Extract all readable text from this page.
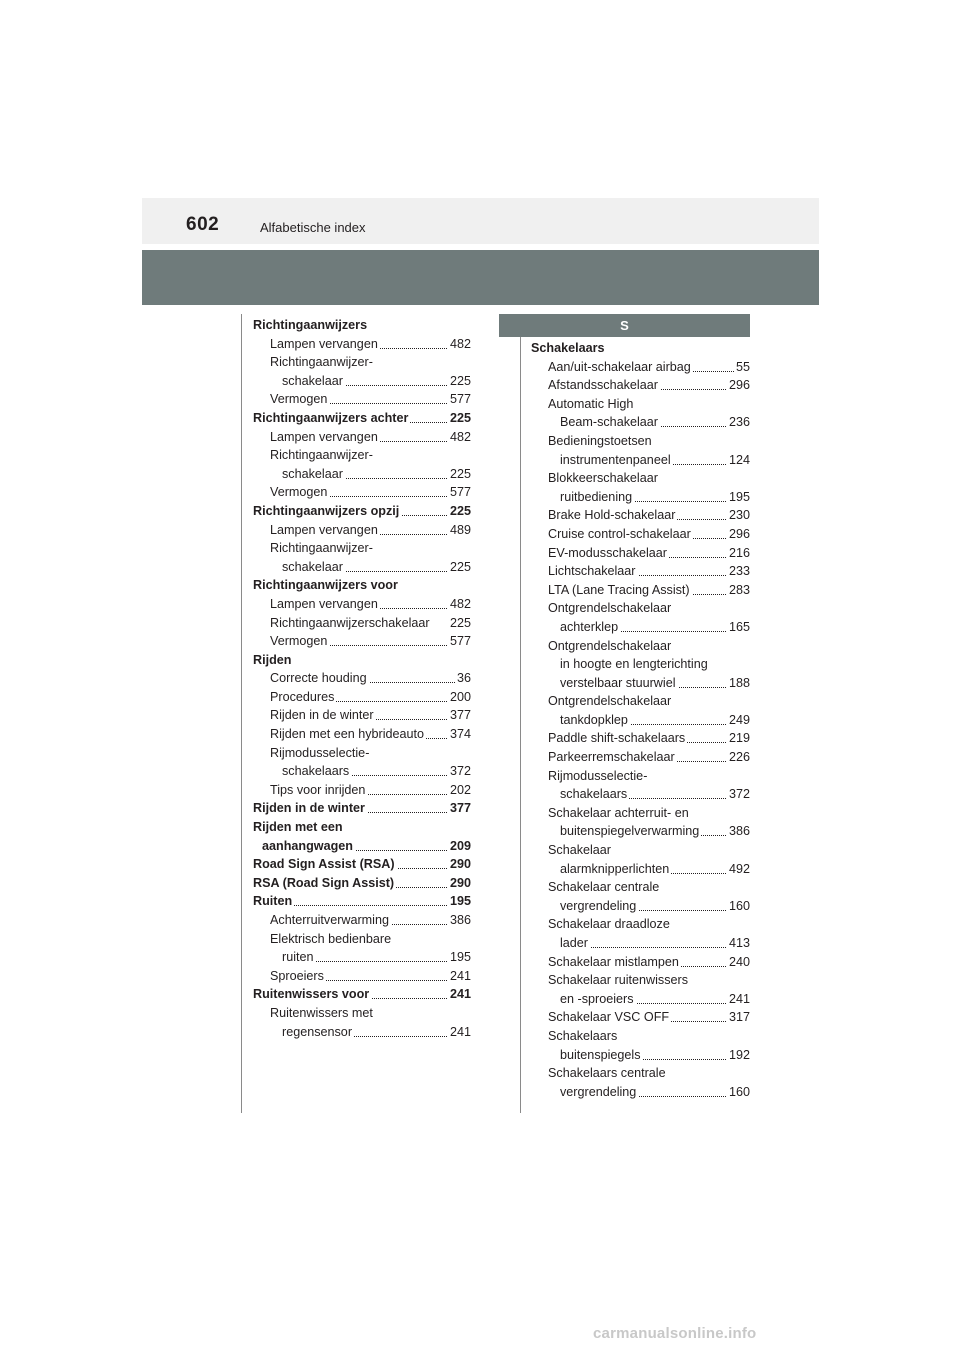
602	Alfabetische index
Richtingaanwijzers
Lampen vervangen	482
Richtingaanwijzer-
schakelaar	225
Vermogen	577
Richtingaanwijzers achter	225
Lampen vervangen	482
Richtingaanwijzer-
schakelaar	225
Vermogen	577
Richtingaanwijzers opzij	225
Lampen vervangen	489
Richtingaanwijzer-
schakelaar	225
Richtingaanwijzers voor
Lampen vervangen	482
Richtingaanwijzerschakelaar 225
Vermogen	577
Rijden
Correcte houding	36
Procedures	200
Rijden in de winter	377
Rijden met een hybrideauto 374
Rijmodusselectie-
schakelaars	372
Tips voor inrijden	202
Rijden in de winter	377
Rijden met een
aanhangwagen	209
Road Sign Assist (RSA)	290
RSA (Road Sign Assist)	290
Ruiten	195
Achterruitverwarming	386
Elektrisch bedienbare
ruiten	195
Sproeiers	241
Ruitenwissers voor	241
Ruitenwissers met
regensensor	241
S
Schakelaars
Aan/uit-schakelaar airbag	55
Afstandsschakelaar	296
Automatic High
Beam-schakelaar	236
Bedieningstoetsen
instrumentenpaneel	124
Blokkeerschakelaar
ruitbediening	195
Brake Hold-schakelaar	230
Cruise control-schakelaar	296
EV-modusschakelaar	216
Lichtschakelaar	233
LTA (Lane Tracing Assist)	283
Ontgrendelschakelaar
achterklep	165
Ontgrendelschakelaar
in hoogte en lengterichting
verstelbaar stuurwiel	188
Ontgrendelschakelaar
tankdopklep	249
Paddle shift-schakelaars	219
Parkeerremschakelaar	226
Rijmodusselectie-
schakelaars	372
Schakelaar achterruit- en
buitenspiegelverwarming 386
Schakelaar
alarmknipperlichten	492
Schakelaar centrale
vergrendeling	160
Schakelaar draadloze
lader	413
Schakelaar mistlampen	240
Schakelaar ruitenwissers
en -sproeiers	241
Schakelaar VSC OFF	317
Schakelaars
buitenspiegels	192
Schakelaars centrale
vergrendeling	160
carmanualsonline.info
